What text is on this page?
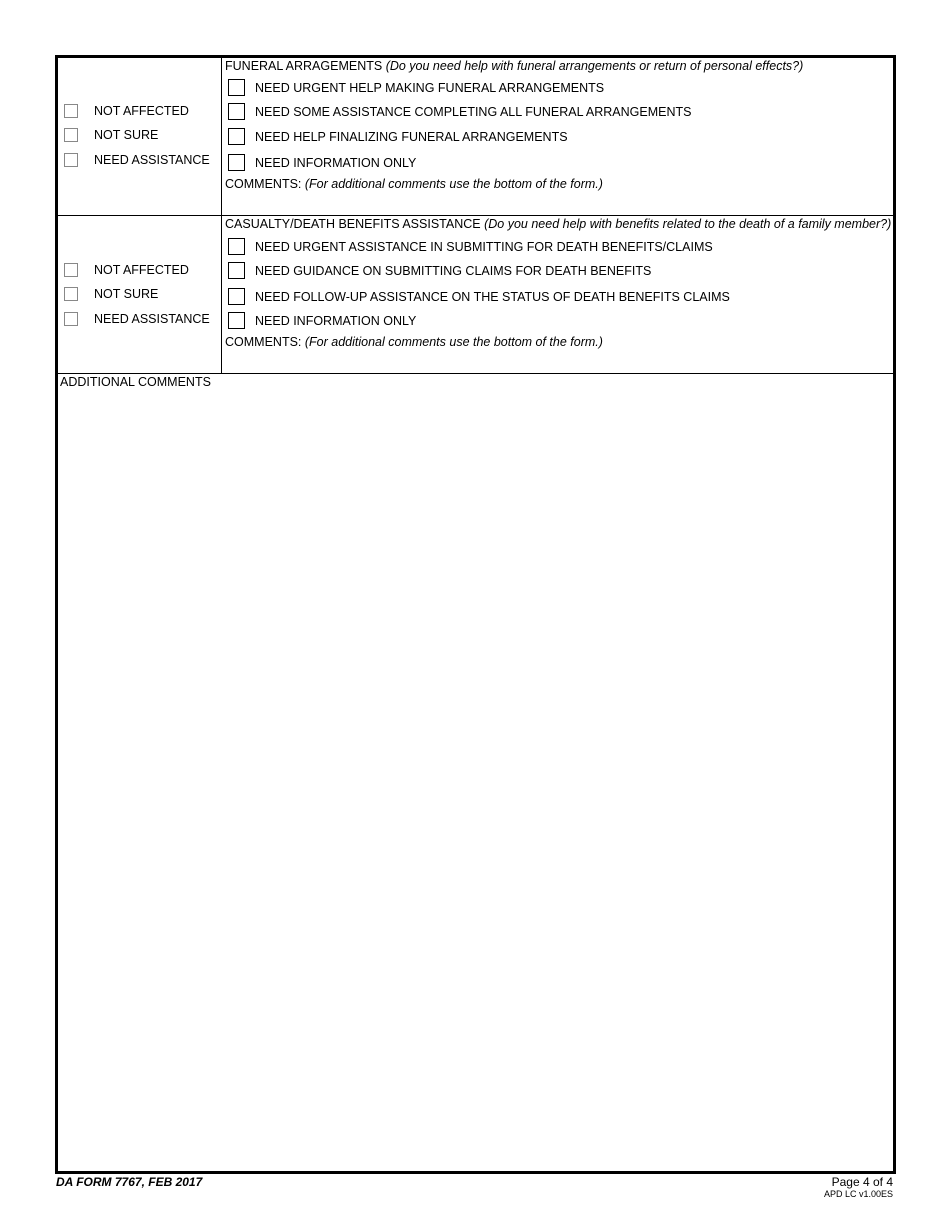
NOT AFFECTED
NOT SURE
NEED ASSISTANCE
FUNERAL ARRAGEMENTS (Do you need help with funeral arrangements or return of personal effects?)
NEED URGENT HELP MAKING FUNERAL ARRANGEMENTS
NEED SOME ASSISTANCE COMPLETING ALL FUNERAL ARRANGEMENTS
NEED HELP FINALIZING FUNERAL ARRANGEMENTS
NEED INFORMATION ONLY
COMMENTS: (For additional comments use the bottom of the form.)
NOT AFFECTED
NOT SURE
NEED ASSISTANCE
CASUALTY/DEATH BENEFITS ASSISTANCE (Do you need help with benefits related to the death of a family member?)
NEED URGENT ASSISTANCE IN SUBMITTING FOR DEATH BENEFITS/CLAIMS
NEED GUIDANCE ON SUBMITTING CLAIMS FOR DEATH BENEFITS
NEED FOLLOW-UP ASSISTANCE ON THE STATUS OF DEATH BENEFITS CLAIMS
NEED INFORMATION ONLY
COMMENTS: (For additional comments use the bottom of the form.)
ADDITIONAL COMMENTS
DA FORM 7767, FEB 2017	Page 4 of 4
APD LC v1.00ES
